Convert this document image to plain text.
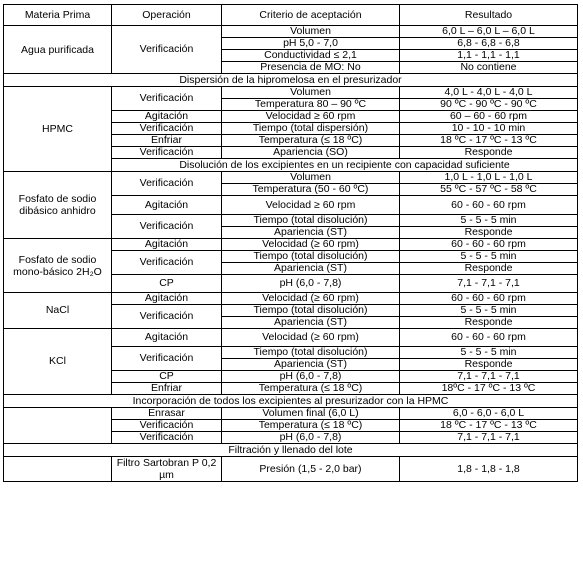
Materia Prima	Operación	Criterio de aceptación	Resultado
Agua purificada	Verificación	Volumen	6,0 L – 6,0 L – 6,0 L
		pH 5,0 - 7,0	6,8 - 6,8 - 6,8
		Conductividad ≤ 2,1	1,1 - 1,1 - 1,1
		Presencia de MO: No	No contiene
Dispersión de la hipromelosa en el presurizador			
HPMC	Verificación	Volumen	4,0 L - 4,0 L - 4,0 L
		Temperatura 80 – 90 ºC	90 ºC - 90 ºC - 90 ºC
	Agitación	Velocidad ≥ 60 rpm	60 – 60 - 60 rpm
	Verificación	Tiempo (total dispersión)	10 - 10 - 10 min
	Enfriar	Temperatura (≤ 18 ºC)	18 ºC - 17 ºC - 13 ºC
	Verificación	Apariencia (SO)	Responde
	Disolución de los excipientes en un recipiente con capacidad suficiente		
Fosfato de sodio dibásico anhidro	Verificación	Volumen	1,0 L - 1,0 L - 1,0 L
		Temperatura (50 - 60 ºC)	55 ºC - 57 ºC - 58 ºC
	Agitación	Velocidad ≥ 60 rpm	60 - 60 - 60 rpm
	Verificación	Tiempo (total disolución)	5 - 5 - 5 min
		Apariencia (ST)	Responde
Fosfato de sodio mono-básico 2H₂O	Agitación	Velocidad (≥ 60 rpm)	60 - 60 - 60 rpm
	Verificación	Tiempo (total disolución)	5 - 5 - 5 min
		Apariencia (ST)	Responde
	CP	pH (6,0 - 7,8)	7,1 - 7,1 - 7,1
NaCl	Agitación	Velocidad (≥ 60 rpm)	60 - 60 - 60 rpm
	Verificación	Tiempo (total disolución)	5 - 5 - 5 min
		Apariencia (ST)	Responde
KCl	Agitación	Velocidad (≥ 60 rpm)	60 - 60 - 60 rpm
	Verificación	Tiempo (total disolución)	5 - 5 - 5 min
		Apariencia (ST)	Responde
	CP	pH (6,0 - 7,8)	7,1 - 7,1 - 7,1
	Enfriar	Temperatura (≤ 18 ºC)	18ºC - 17 ºC - 13 ºC
Incorporación de todos los excipientes al presurizador con la HPMC			
	Enrasar	Volumen final (6,0 L)	6,0 - 6,0 - 6,0 L
	Verificación	Temperatura (≤ 18 ºC)	18 ºC - 17 ºC - 13 ºC
	Verificación	pH (6,0 - 7,8)	7,1 - 7,1 - 7,1
Filtración y llenado del lote			
	Filtro Sartobran P 0,2 µm	Presión (1,5 - 2,0 bar)	1,8 - 1,8 - 1,8
